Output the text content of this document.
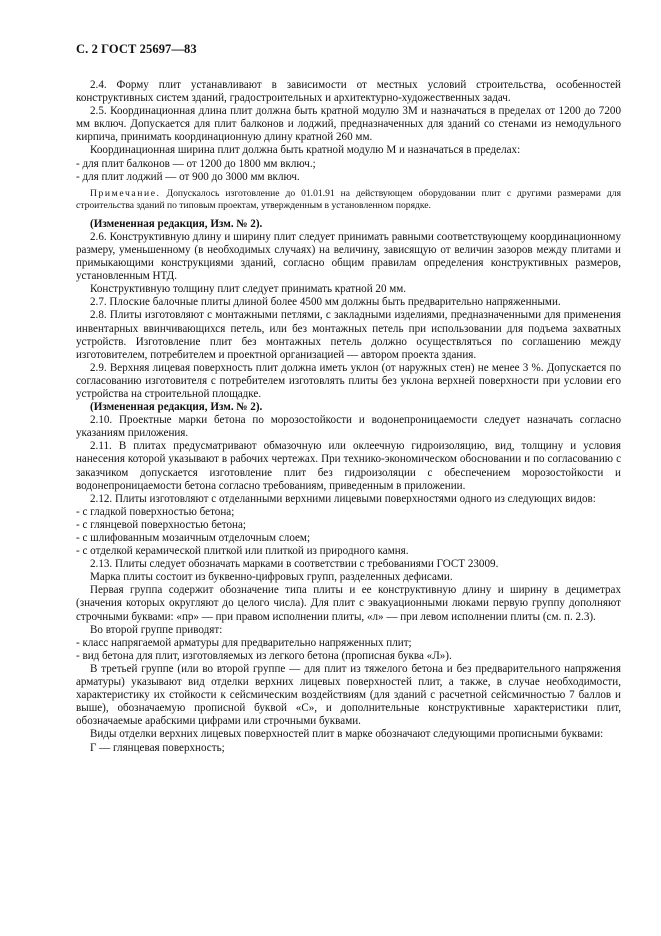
С. 2 ГОСТ 25697—83

2.4. Форму плит устанавливают в зависимости от местных условий строительства, особенностей конструктивных систем зданий, градостроительных и архитектурно-художественных задач.

2.5. Координационная длина плит должна быть кратной модулю 3М и назначаться в пределах от 1200 до 7200 мм включ. Допускается для плит балконов и лоджий, предназначенных для зданий со стенами из немодульного кирпича, принимать координационную длину кратной 260 мм.

Координационная ширина плит должна быть кратной модулю М и назначаться в пределах:

- для плит балконов — от 1200 до 1800 мм включ.;

- для плит лоджий — от 900 до 3000 мм включ.

Примечание. Допускалось изготовление до 01.01.91 на действующем оборудовании плит с другими размерами для строительства зданий по типовым проектам, утвержденным в установленном порядке.

(Измененная редакция, Изм. № 2).

2.6. Конструктивную длину и ширину плит следует принимать равными соответствующему координационному размеру, уменьшенному (в необходимых случаях) на величину, зависящую от величин зазоров между плитами и примыкающими конструкциями зданий, согласно общим правилам определения конструктивных размеров, установленным НТД.

Конструктивную толщину плит следует принимать кратной 20 мм.

2.7. Плоские балочные плиты длиной более 4500 мм должны быть предварительно напряженными.

2.8. Плиты изготовляют с монтажными петлями, с закладными изделиями, предназначенными для применения инвентарных ввинчивающихся петель, или без монтажных петель при использовании для подъема захватных устройств. Изготовление плит без монтажных петель должно осуществляться по соглашению между изготовителем, потребителем и проектной организацией — автором проекта здания.

2.9. Верхняя лицевая поверхность плит должна иметь уклон (от наружных стен) не менее 3 %. Допускается по согласованию изготовителя с потребителем изготовлять плиты без уклона верхней поверхности при условии его устройства на строительной площадке.

(Измененная редакция, Изм. № 2).

2.10. Проектные марки бетона по морозостойкости и водонепроницаемости следует назначать согласно указаниям приложения.

2.11. В плитах предусматривают обмазочную или оклеечную гидроизоляцию, вид, толщину и условия нанесения которой указывают в рабочих чертежах. При технико-экономическом обосновании и по согласованию с заказчиком допускается изготовление плит без гидроизоляции с обеспечением морозостойкости и водонепроницаемости бетона согласно требованиям, приведенным в приложении.

2.12. Плиты изготовляют с отделанными верхними лицевыми поверхностями одного из следующих видов:

- с гладкой поверхностью бетона;

- с глянцевой поверхностью бетона;

- с шлифованным мозаичным отделочным слоем;

- с отделкой керамической плиткой или плиткой из природного камня.

2.13. Плиты следует обозначать марками в соответствии с требованиями ГОСТ 23009.

Марка плиты состоит из буквенно-цифровых групп, разделенных дефисами.

Первая группа содержит обозначение типа плиты и ее конструктивную длину и ширину в дециметрах (значения которых округляют до целого числа). Для плит с эвакуационными люками первую группу дополняют строчными буквами: «пр» — при правом исполнении плиты, «л» — при левом исполнении плиты (см. п. 2.3).

Во второй группе приводят:

- класс напрягаемой арматуры для предварительно напряженных плит;

- вид бетона для плит, изготовляемых из легкого бетона (прописная буква «Л»).

В третьей группе (или во второй группе — для плит из тяжелого бетона и без предварительного напряжения арматуры) указывают вид отделки верхних лицевых поверхностей плит, а также, в случае необходимости, характеристику их стойкости к сейсмическим воздействиям (для зданий с расчетной сейсмичностью 7 баллов и выше), обозначаемую прописной буквой «С», и дополнительные конструктивные характеристики плит, обозначаемые арабскими цифрами или строчными буквами.

Виды отделки верхних лицевых поверхностей плит в марке обозначают следующими прописными буквами:

Г — глянцевая поверхность;
